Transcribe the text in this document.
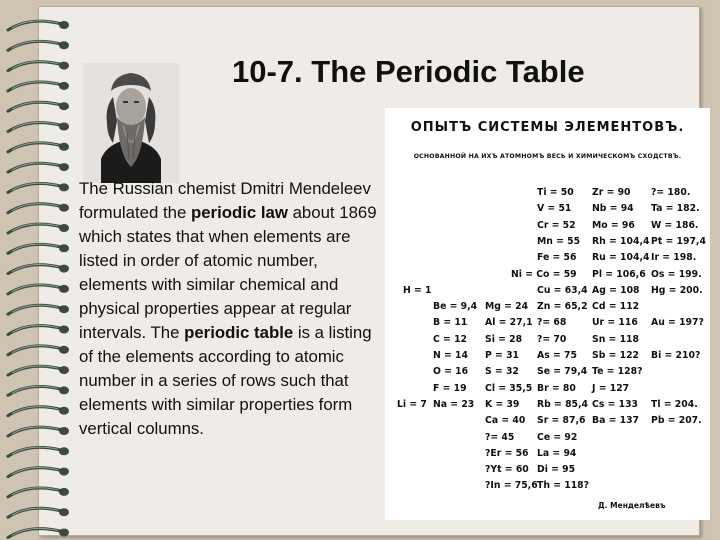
10-7. The Periodic Table
The Russian chemist Dmitri Mendeleev formulated the periodic law about 1869 which states that when elements are listed in order of atomic number, elements with similar chemical and physical properties appear at regular intervals. The periodic table is a listing of the elements according to atomic number in a series of rows such that elements with similar properties form vertical columns.
ОПЫТЪ СИСТЕМЫ ЭЛЕМЕНТОВЪ.
ОСНОВАННОЙ НА ИХЪ АТОМНОМЪ ВЕСЬ И ХИМИЧЕСКОМЪ СХОДСТВЪ.
H = 1
Li = 7
Be = 9,4
B = 11
C = 12
N = 14
O = 16
F = 19
Na = 23
Mg = 24
Al = 27,1
Si = 28
P = 31
S = 32
Cl = 35,5
K = 39
Ca = 40
?= 45
?Er = 56
?Yt = 60
?In = 75,6
Ti = 50
V = 51
Cr = 52
Mn = 55
Fe = 56
Ni = Co = 59
Cu = 63,4
Zn = 65,2
?= 68
?= 70
As = 75
Se = 79,4
Br = 80
Rb = 85,4
Sr = 87,6
Ce = 92
La = 94
Di = 95
Th = 118?
Zr = 90
Nb = 94
Mo = 96
Rh = 104,4
Ru = 104,4
Pl = 106,6
Ag = 108
Cd = 112
Ur = 116
Sn = 118
Sb = 122
Te = 128?
J = 127
Cs = 133
Ba = 137
?= 180.
Ta = 182.
W = 186.
Pt = 197,4
Ir = 198.
Os = 199.
Hg = 200.
Au = 197?
Bi = 210?
Tl = 204.
Pb = 207.
Д. Менделѣевъ
